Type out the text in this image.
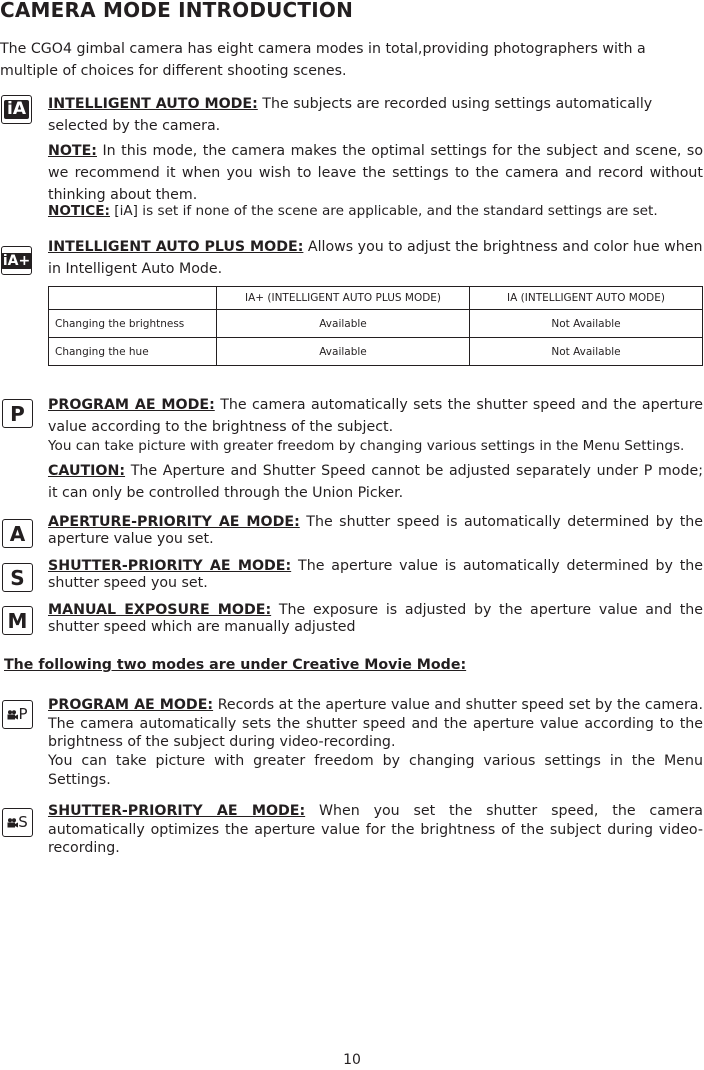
CAMERA MODE INTRODUCTION

The CGO4 gimbal camera has eight camera modes in total,providing photographers with a multiple of choices for different shooting scenes.

iA INTELLIGENT AUTO MODE: The subjects are recorded using settings automatically selected by the camera.

NOTE: In this mode, the camera makes the optimal settings for the subject and scene, so we recommend it when you wish to leave the settings to the camera and record without thinking about them.

NOTICE: [iA] is set if none of the scene are applicable, and the standard settings are set.

iA+

INTELLIGENT AUTO PLUS MODE: Allows you to adjust the brightness and color hue when in Intelligent Auto Mode.

	IA+ (INTELLIGENT AUTO PLUS MODE)	IA (INTELLIGENT AUTO MODE)
Changing the brightness	Available	Not Available
Changing the hue	Available	Not Available
P	PROGRAM AE MODE: The camera automatically sets the shutter speed and the aperture value according to the brightness of the subject.

You can take picture with greater freedom by changing various settings in the Menu Settings.

CAUTION: The Aperture and Shutter Speed cannot be adjusted separately under P mode; it can only be controlled through the Union Picker.

A	APERTURE-PRIORITY AE MODE: The shutter speed is automatically determined by the aperture value you set.

S	SHUTTER-PRIORITY AE MODE: The aperture value is automatically determined by the shutter speed you set.

M	MANUAL EXPOSURE MODE: The exposure is adjusted by the aperture value and the shutter speed which are manually adjusted

The following two modes are under Creative Movie Mode:

P PROGRAM AE MODE: Records at the aperture value and shutter speed set by the camera. The camera automatically sets the shutter speed and the aperture value according to the brightness of the subject during video-recording.

You can take picture with greater freedom by changing various settings in the Menu Settings.

S

SHUTTER-PRIORITY AE MODE: When you set the shutter speed, the camera automatically optimizes the aperture value for the brightness of the subject during video-recording.

10
